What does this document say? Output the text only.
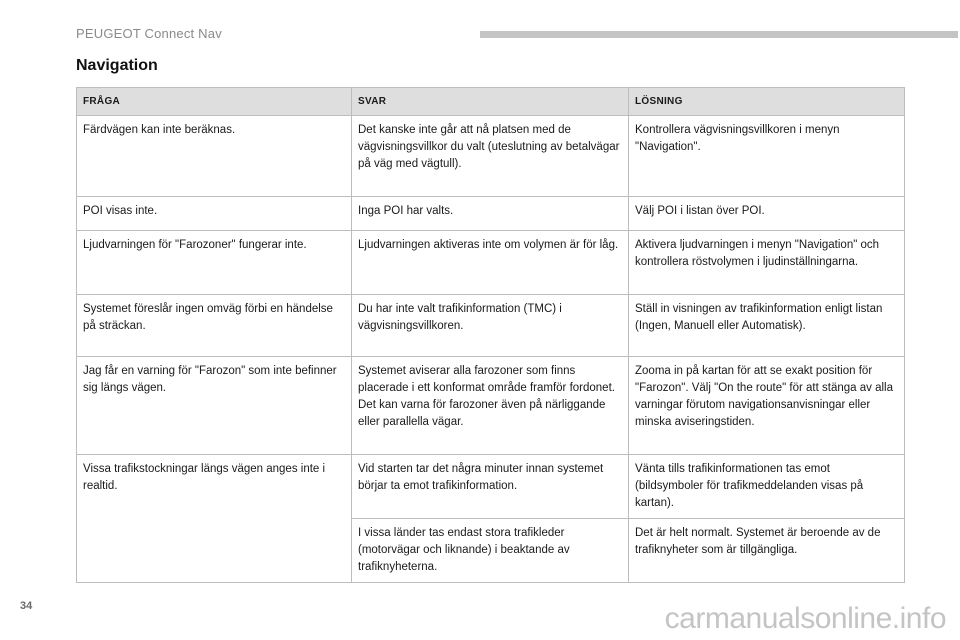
PEUGEOT Connect Nav
Navigation
FRÅGA	SVAR	LÖSNING
Färdvägen kan inte beräknas.	Det kanske inte går att nå platsen med de vägvisningsvillkor du valt (uteslutning av betalvägar på väg med vägtull).	Kontrollera vägvisningsvillkoren i menyn "Navigation".
POI visas inte.	Inga POI har valts.	Välj POI i listan över POI.
Ljudvarningen för "Farozoner" fungerar inte.	Ljudvarningen aktiveras inte om volymen är för låg.	Aktivera ljudvarningen i menyn "Navigation" och kontrollera röstvolymen i ljudinställningarna.
Systemet föreslår ingen omväg förbi en händelse på sträckan.	Du har inte valt trafikinformation (TMC) i vägvisningsvillkoren.	Ställ in visningen av trafikinformation enligt listan (Ingen, Manuell eller Automatisk).
Jag får en varning för "Farozon" som inte befinner sig längs vägen.	Systemet aviserar alla farozoner som finns placerade i ett konformat område framför fordonet. Det kan varna för farozoner även på närliggande eller parallella vägar.	Zooma in på kartan för att se exakt position för "Farozon". Välj "On the route" för att stänga av alla varningar förutom navigationsanvisningar eller minska aviseringstiden.
Vissa trafikstockningar längs vägen anges inte i realtid.	Vid starten tar det några minuter innan systemet börjar ta emot trafikinformation.	Vänta tills trafikinformationen tas emot (bildsymboler för trafikmeddelanden visas på kartan).
	I vissa länder tas endast stora trafikleder (motorvägar och liknande) i beaktande av trafiknyheterna.	Det är helt normalt. Systemet är beroende av de trafiknyheter som är tillgängliga.
34	carmanualsonline.info
